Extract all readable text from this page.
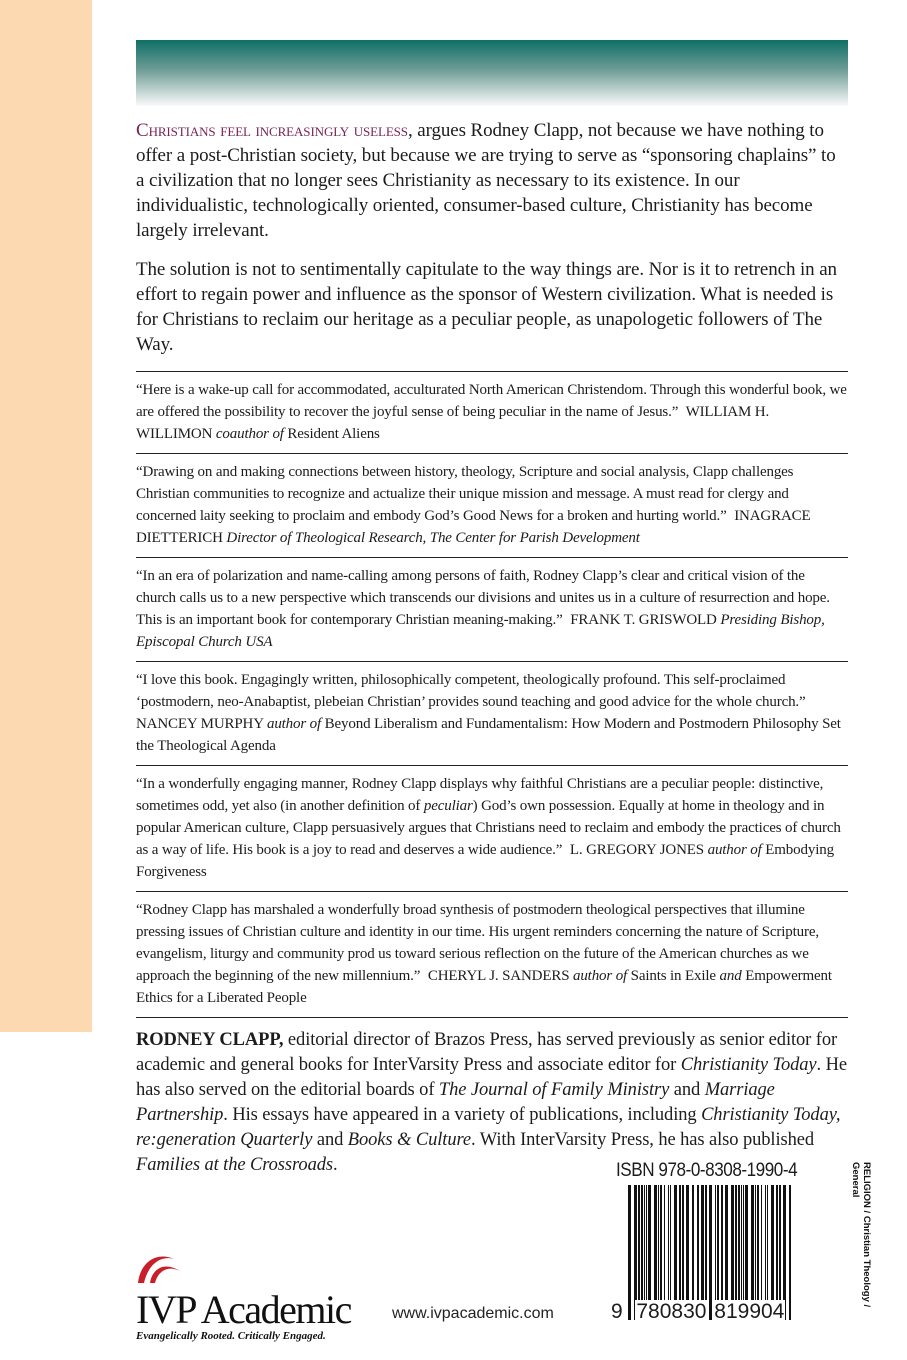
Christians feel increasingly useless, argues Rodney Clapp, not because we have nothing to offer a post-Christian society, but because we are trying to serve as “sponsoring chaplains” to a civilization that no longer sees Christianity as necessary to its existence. In our individualistic, technologically oriented, consumer-based culture, Christianity has become largely irrelevant.

The solution is not to sentimentally capitulate to the way things are. Nor is it to retrench in an effort to regain power and influence as the sponsor of Western civilization. What is needed is for Christians to reclaim our heritage as a peculiar people, as unapologetic followers of The Way.

“Here is a wake-up call for accommodated, acculturated North American Christendom. Through this wonderful book, we are offered the possibility to recover the joyful sense of being peculiar in the name of Jesus.” WILLIAM H. WILLIMON coauthor of Resident Aliens
“Drawing on and making connections between history, theology, Scripture and social analysis, Clapp challenges Christian communities to recognize and actualize their unique mission and message. A must read for clergy and concerned laity seeking to proclaim and embody God’s Good News for a broken and hurting world.” INAGRACE DIETTERICH Director of Theological Research, The Center for Parish Development
“In an era of polarization and name-calling among persons of faith, Rodney Clapp’s clear and critical vision of the church calls us to a new perspective which transcends our divisions and unites us in a culture of resurrection and hope. This is an important book for contemporary Christian meaning-making.” FRANK T. GRISWOLD Presiding Bishop, Episcopal Church USA
“I love this book. Engagingly written, philosophically competent, theologically profound. This self-proclaimed ‘postmodern, neo-Anabaptist, plebeian Christian’ provides sound teaching and good advice for the whole church.” NANCEY MURPHY author of Beyond Liberalism and Fundamentalism: How Modern and Postmodern Philosophy Set the Theological Agenda
“In a wonderfully engaging manner, Rodney Clapp displays why faithful Christians are a peculiar people: distinctive, sometimes odd, yet also (in another definition of peculiar) God’s own possession. Equally at home in theology and in popular American culture, Clapp persuasively argues that Christians need to reclaim and embody the practices of church as a way of life. His book is a joy to read and deserves a wide audience.” L. GREGORY JONES author of Embodying Forgiveness
“Rodney Clapp has marshaled a wonderfully broad synthesis of postmodern theological perspectives that illumine pressing issues of Christian culture and identity in our time. His urgent reminders concerning the nature of Scripture, evangelism, liturgy and community prod us toward serious reflection on the future of the American churches as we approach the beginning of the new millennium.” CHERYL J. SANDERS author of Saints in Exile and Empowerment Ethics for a Liberated People
RODNEY CLAPP, editorial director of Brazos Press, has served previously as senior editor for academic and general books for InterVarsity Press and associate editor for Christianity Today. He has also served on the editorial boards of The Journal of Family Ministry and Marriage Partnership. His essays have appeared in a variety of publications, including Christianity Today, re:generation Quarterly and Books & Culture. With InterVarsity Press, he has also published Families at the Crossroads.
IVP Academic
Evangelically Rooted. Critically Engaged.
www.ivpacademic.com
ISBN 978-0-8308-1990-4
9 780830 819904
RELIGION / Christian Theology / General
